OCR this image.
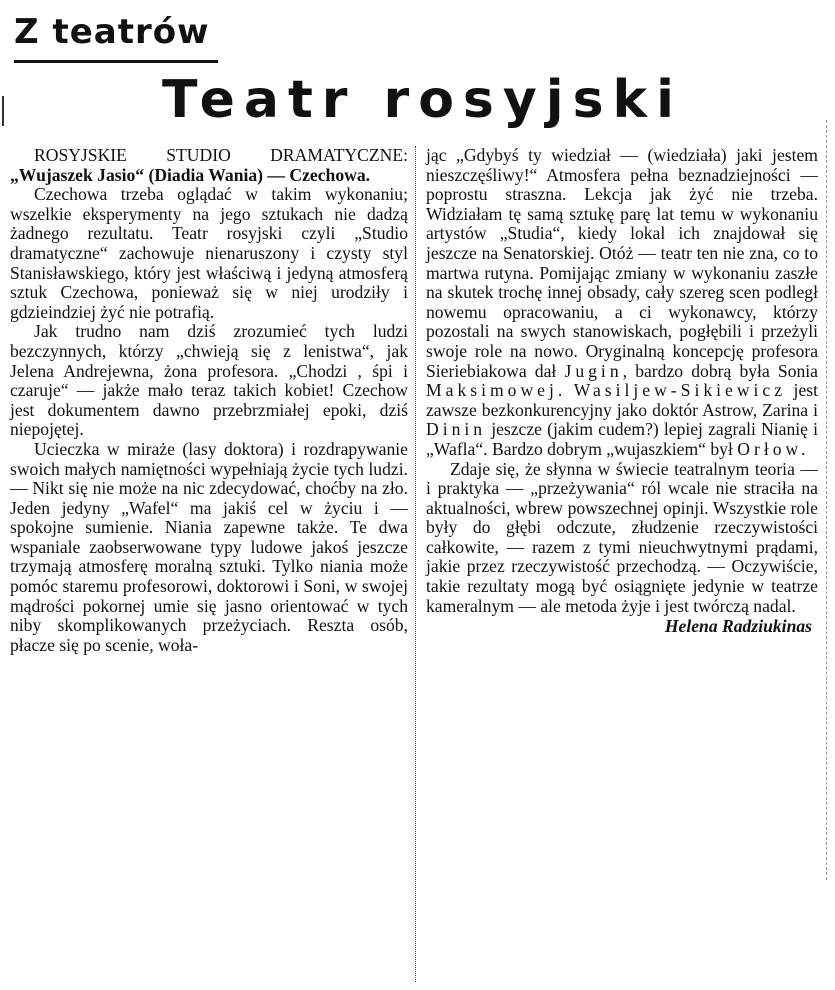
Z teatrów
Teatr rosyjski

ROSYJSKIE STUDIO DRAMATYCZNE: „Wujaszek Jasio“ (Diadia Wania) — Czechowa.

Czechowa trzeba oglądać w takim wykonaniu; wszelkie eksperymenty na jego sztukach nie dadzą żadnego rezultatu. Teatr rosyjski czyli „Studio dramatyczne“ zachowuje nienaruszony i czysty styl Stanisławskiego, który jest właściwą i jedyną atmosferą sztuk Czechowa, ponieważ się w niej urodziły i gdzieindziej żyć nie potrafią.

Jak trudno nam dziś zrozumieć tych ludzi bezczynnych, którzy „chwieją się z lenistwa“, jak Jelena Andrejewna, żona profesora. „Chodzi , śpi i czaruje“ — jakże mało teraz takich kobiet! Czechow jest dokumentem dawno przebrzmiałej epoki, dziś niepojętej.

Ucieczka w miraże (lasy doktora) i rozdrapywanie swoich małych namiętności wypełniają życie tych ludzi. — Nikt się nie może na nic zdecydować, choćby na zło. Jeden jedyny „Wafel“ ma jakiś cel w życiu i — spokojne sumienie. Niania zapewne także. Te dwa wspaniale zaobserwowane typy ludowe jakoś jeszcze trzymają atmosferę moralną sztuki. Tylko niania może pomóc staremu profesorowi, doktorowi i Soni, w swojej mądrości pokornej umie się jasno orientować w tych niby skomplikowanych przeżyciach. Reszta osób, płacze się po scenie, woła-

jąc „Gdybyś ty wiedział — (wiedziała) jaki jestem nieszczęśliwy!“ Atmosfera pełna beznadziejności — poprostu straszna. Lekcja jak żyć nie trzeba. Widziałam tę samą sztukę parę lat temu w wykonaniu artystów „Studia“, kiedy lokal ich znajdował się jeszcze na Senatorskiej. Otóż — teatr ten nie zna, co to martwa rutyna. Pomijając zmiany w wykonaniu zaszłe na skutek trochę innej obsady, cały szereg scen podległ nowemu opracowaniu, a ci wykonawcy, którzy pozostali na swych stanowiskach, pogłębili i przeżyli swoje role na nowo. Oryginalną koncepcję profesora Sieriebiakowa dał Jugin, bardzo dobrą była Sonia Maksimowej. Wasiljew-Sikiewicz jest zawsze bezkonkurencyjny jako doktór Astrow, Zarina i Dinin jeszcze (jakim cudem?) lepiej zagrali Nianię i „Wafla“. Bardzo dobrym „wujaszkiem“ był Orłow.

Zdaje się, że słynna w świecie teatralnym teoria — i praktyka — „przeżywania“ ról wcale nie straciła na aktualności, wbrew powszechnej opinji. Wszystkie role były do głębi odczute, złudzenie rzeczywistości całkowite, — razem z tymi nieuchwytnymi prądami, jakie przez rzeczywistość przechodzą. — Oczywiście, takie rezultaty mogą być osiągnięte jedynie w teatrze kameralnym — ale metoda żyje i jest twórczą nadal.

Helena Radziukinas
